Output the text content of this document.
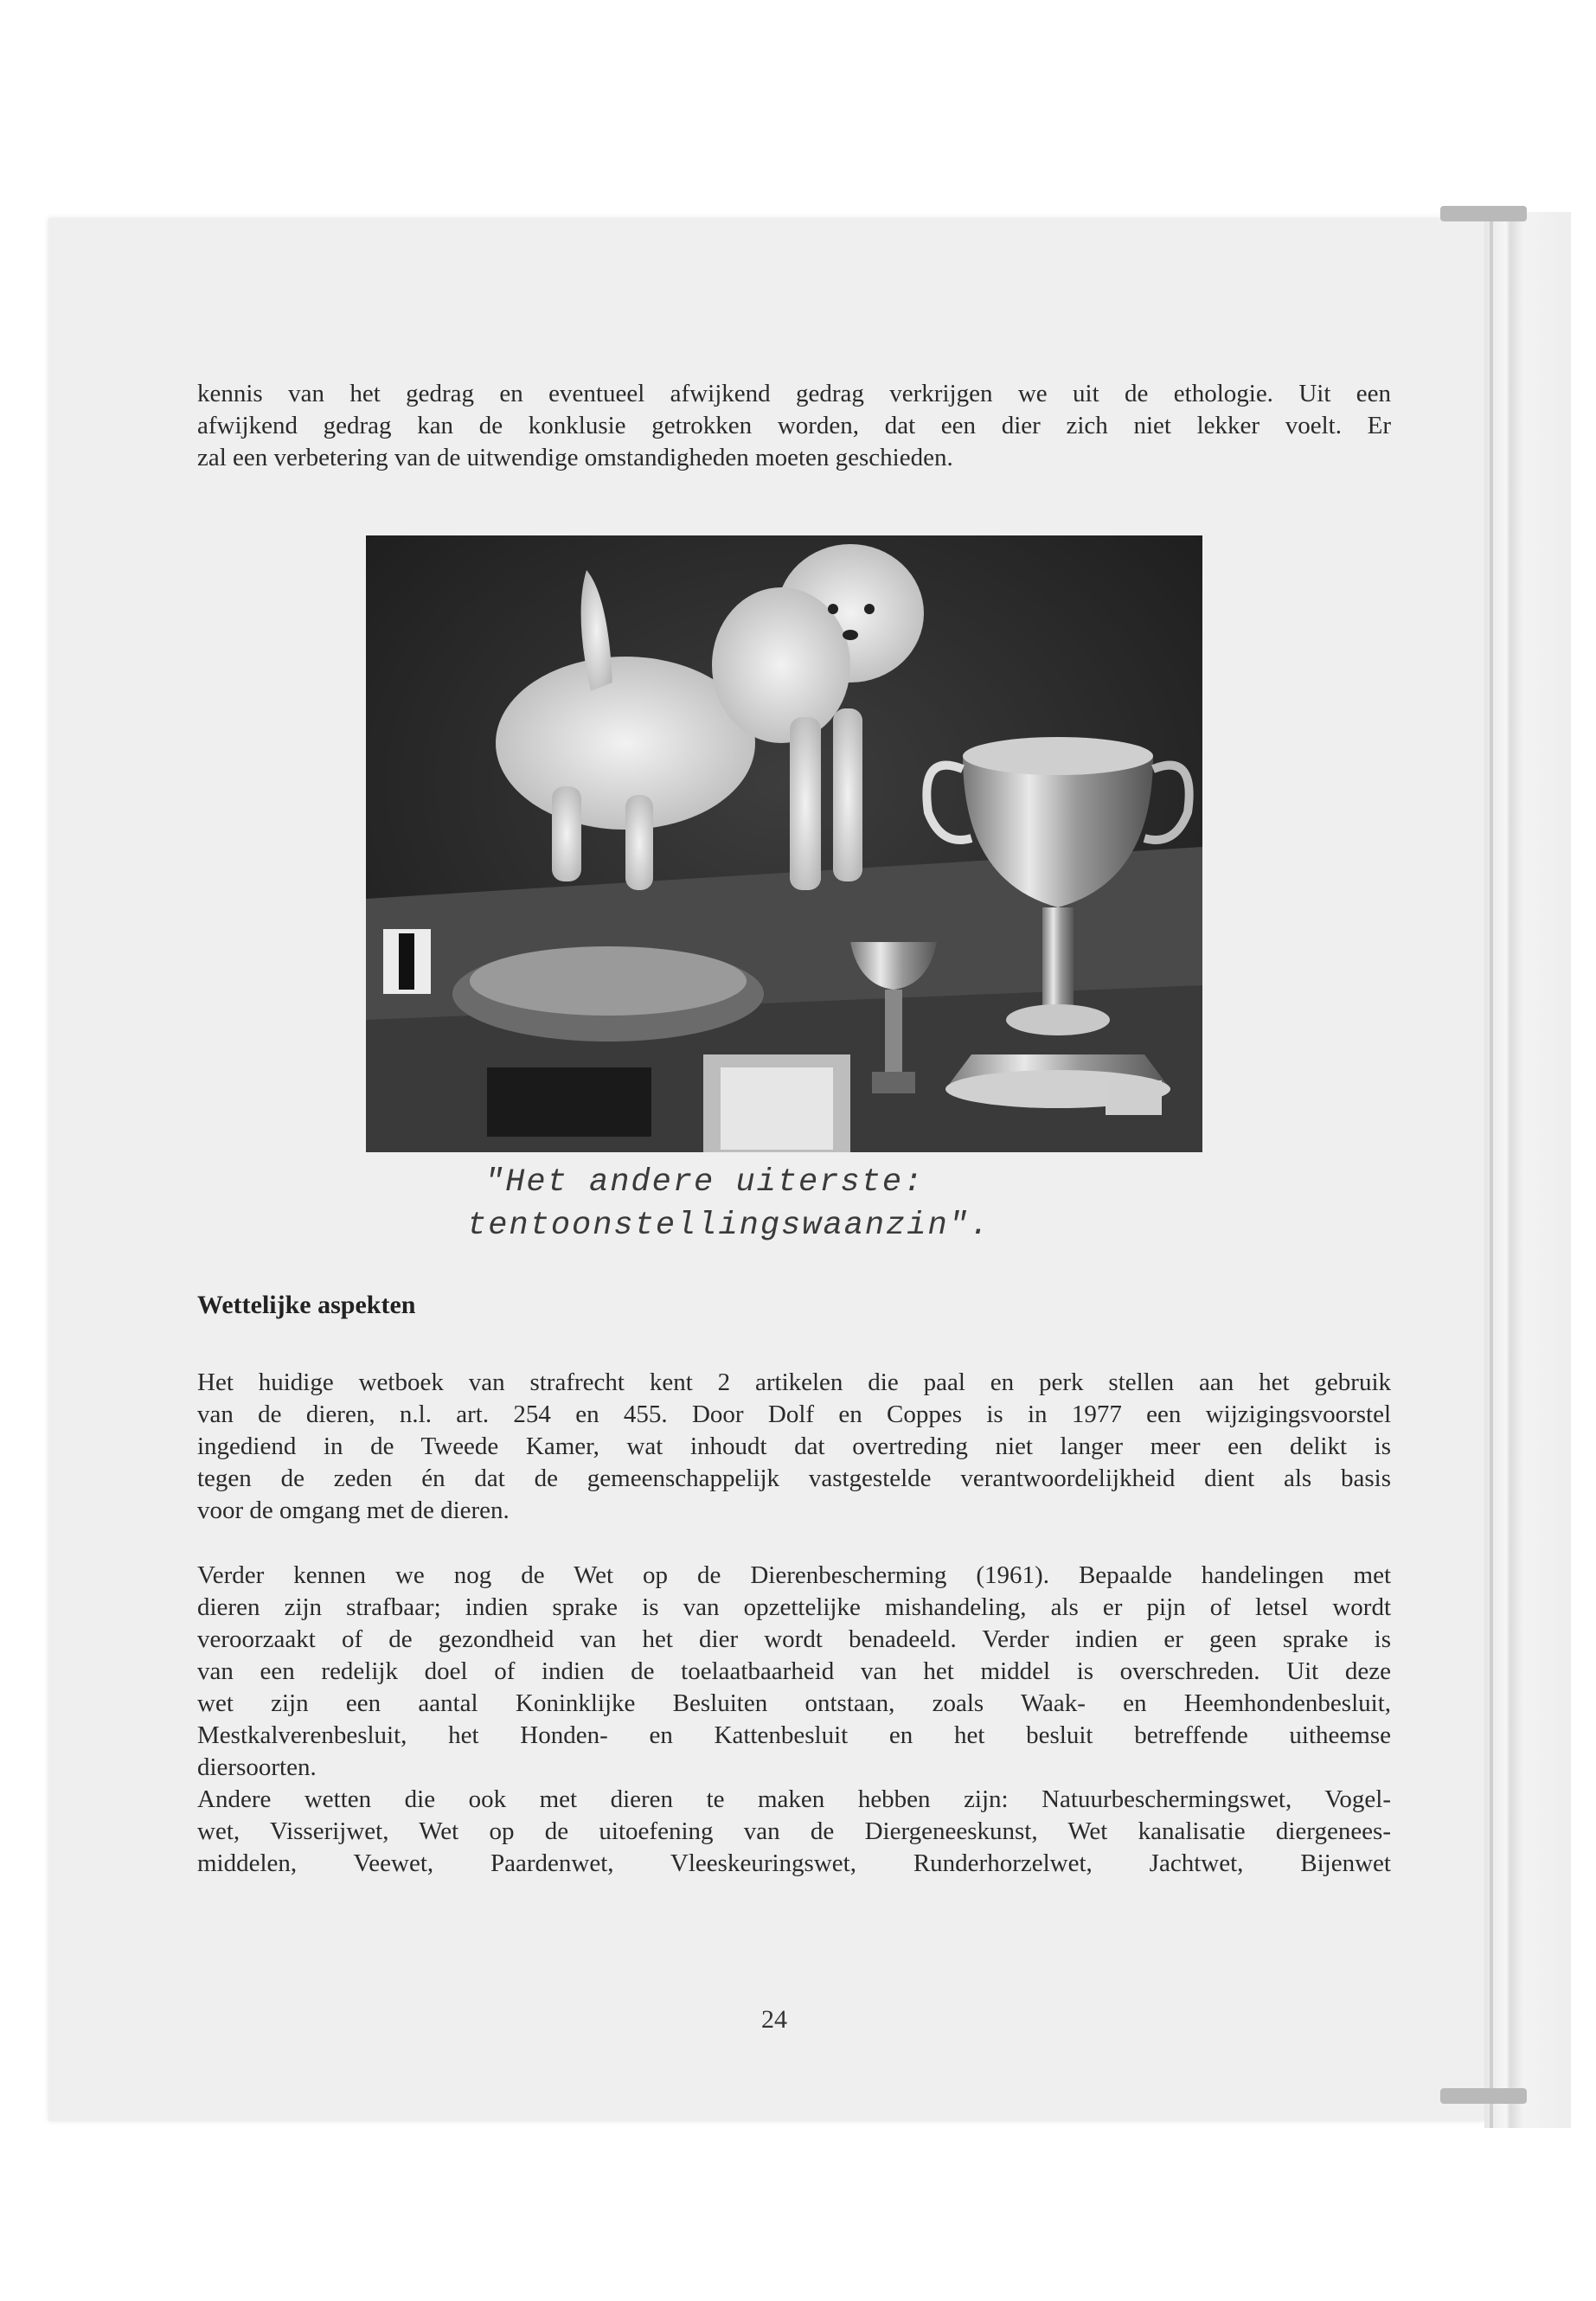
kennis van het gedrag en eventueel afwijkend gedrag verkrijgen we uit de ethologie. Uit een
afwijkend gedrag kan de konklusie getrokken worden, dat een dier zich niet lekker voelt. Er
zal een verbetering van de uitwendige omstandigheden moeten geschieden.

"Het andere uiterste:
tentoonstellingswaanzin".
Wettelijke aspekten

Het huidige wetboek van strafrecht kent 2 artikelen die paal en perk stellen aan het gebruik
van de dieren, n.l. art. 254 en 455. Door Dolf en Coppes is in 1977 een wijzigingsvoorstel
ingediend in de Tweede Kamer, wat inhoudt dat overtreding niet langer meer een delikt is
tegen de zeden én dat de gemeenschappelijk vastgestelde verantwoordelijkheid dient als basis
voor de omgang met de dieren.

Verder kennen we nog de Wet op de Dierenbescherming (1961). Bepaalde handelingen met
dieren zijn strafbaar; indien sprake is van opzettelijke mishandeling, als er pijn of letsel wordt
veroorzaakt of de gezondheid van het dier wordt benadeeld. Verder indien er geen sprake is
van een redelijk doel of indien de toelaatbaarheid van het middel is overschreden. Uit deze
wet zijn een aantal Koninklijke Besluiten ontstaan, zoals Waak- en Heemhondenbesluit,
Mestkalverenbesluit, het Honden- en Kattenbesluit en het besluit betreffende uitheemse
diersoorten.

Andere wetten die ook met dieren te maken hebben zijn: Natuurbeschermingswet, Vogel-
wet, Visserijwet, Wet op de uitoefening van de Diergeneeskunst, Wet kanalisatie diergenees-
middelen, Veewet, Paardenwet, Vleeskeuringswet, Runderhorzelwet, Jachtwet, Bijenwet

24
